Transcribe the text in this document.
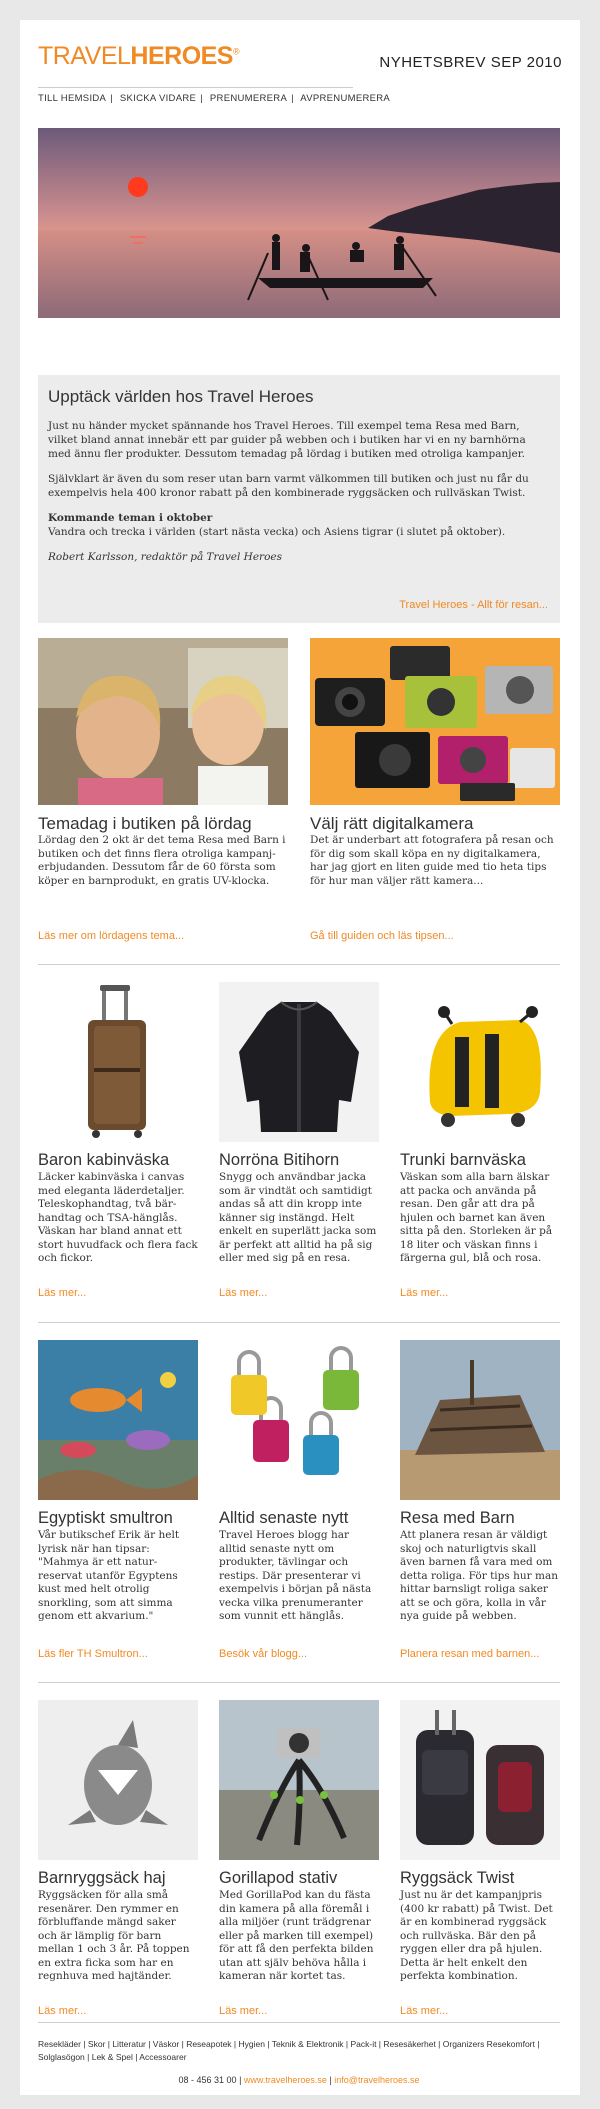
TRAVELHEROES®
NYHETSBREV SEP 2010
TILL HEMSIDA | SKICKA VIDARE | PRENUMERERA | AVPRENUMERERA
Upptäck världen hos Travel Heroes

Just nu händer mycket spännande hos Travel Heroes. Till exempel tema Resa med Barn, vilket bland annat innebär ett par guider på webben och i butiken har vi en ny barnhörna med ännu fler produkter. Dessutom temadag på lördag i butiken med otroliga kampanjer.

Självklart är även du som reser utan barn varmt välkommen till butiken och just nu får du exempelvis hela 400 kronor rabatt på den kombinerade ryggsäcken och rullväskan Twist.

Kommande teman i oktober
Vandra och trecka i världen (start nästa vecka) och Asiens tigrar (i slutet på oktober).

Robert Karlsson, redaktör på Travel Heroes

Travel Heroes - Allt för resan...
Temadag i butiken på lördag

Lördag den 2 okt är det tema Resa med Barn i butiken och det finns flera otroliga kampanj-erbjudanden. Dessutom får de 60 första som köper en barnprodukt, en gratis UV-klocka.

Läs mer om lördagens tema...
Välj rätt digitalkamera

Det är underbart att fotografera på resan och för dig som skall köpa en ny digitalkamera, har jag gjort en liten guide med tio heta tips för hur man väljer rätt kamera...

Gå till guiden och läs tipsen...
Baron kabinväska

Läcker kabinväska i canvas med eleganta läderdetaljer. Teleskophandtag, två bär-handtag och TSA-hänglås. Väskan har bland annat ett stort huvudfack och flera fack och fickor.

Läs mer...
Norröna Bitihorn

Snygg och användbar jacka som är vindtät och samtidigt andas så att din kropp inte känner sig instängd. Helt enkelt en superlätt jacka som är perfekt att alltid ha på sig eller med sig på en resa.

Läs mer...
Trunki barnväska

Väskan som alla barn älskar att packa och använda på resan. Den går att dra på hjulen och barnet kan även sitta på den. Storleken är på 18 liter och väskan finns i färgerna gul, blå och rosa.

Läs mer...
Egyptiskt smultron

Vår butikschef Erik är helt lyrisk när han tipsar: "Mahmya är ett natur-reservat utanför Egyptens kust med helt otrolig snorkling, som att simma genom ett akvarium."

Läs fler TH Smultron...
Alltid senaste nytt

Travel Heroes blogg har alltid senaste nytt om produkter, tävlingar och restips. Där presenterar vi exempelvis i början på nästa vecka vilka prenumeranter som vunnit ett hänglås.

Besök vår blogg...
Resa med Barn

Att planera resan är väldigt skoj och naturligtvis skall även barnen få vara med om detta roliga. För tips hur man hittar barnsligt roliga saker att se och göra, kolla in vår nya guide på webben.

Planera resan med barnen...
Barnryggsäck haj

Ryggsäcken för alla små resenärer. Den rymmer en förbluffande mängd saker och är lämplig för barn mellan 1 och 3 år. På toppen en extra ficka som har en regnhuva med hajtänder.

Läs mer...
Gorillapod stativ

Med GorillaPod kan du fästa din kamera på alla föremål i alla miljöer (runt trädgrenar eller på marken till exempel) för att få den perfekta bilden utan att själv behöva hålla i kameran när kortet tas.

Läs mer...
Ryggsäck Twist

Just nu är det kampanjpris (400 kr rabatt) på Twist. Det är en kombinerad ryggsäck och rullväska. Bär den på ryggen eller dra på hjulen. Detta är helt enkelt den perfekta kombination.

Läs mer...
Resekläder | Skor | Litteratur | Väskor | Reseapotek | Hygien | Teknik & Elektronik | Pack-it | Resesäkerhet | Organizers Resekomfort | Solglasögon | Lek & Spel | Accessoarer
08 - 456 31 00 | www.travelheroes.se | info@travelheroes.se
